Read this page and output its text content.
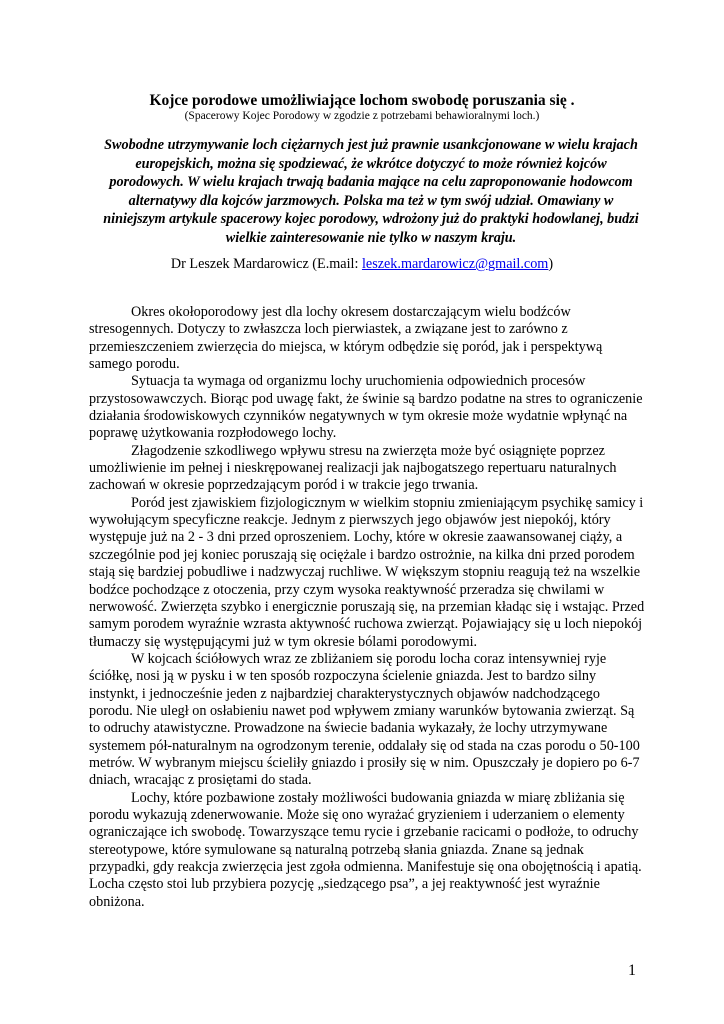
Kojce porodowe umożliwiające lochom swobodę poruszania się .
(Spacerowy Kojec Porodowy w zgodzie z potrzebami behawioralnymi loch.)
Swobodne utrzymywanie loch ciężarnych jest już prawnie usankcjonowane w wielu krajach europejskich, można się spodziewać, że wkrótce dotyczyć to może również kojców porodowych. W wielu krajach trwają badania mające na celu zaproponowanie hodowcom alternatywy dla kojców jarzmowych. Polska ma też w tym swój udział. Omawiany w niniejszym artykule spacerowy kojec porodowy, wdrożony już do praktyki hodowlanej, budzi wielkie zainteresowanie nie tylko w naszym kraju.
Dr Leszek Mardarowicz (E.mail: leszek.mardarowicz@gmail.com)

Okres okołoporodowy jest dla lochy okresem dostarczającym wielu bodźców stresogennych. Dotyczy to zwłaszcza loch pierwiastek, a związane jest to zarówno z przemieszczeniem zwierzęcia do miejsca, w którym odbędzie się poród, jak i perspektywą samego porodu.

Sytuacja ta wymaga od organizmu lochy uruchomienia odpowiednich procesów przystosowawczych. Biorąc pod uwagę fakt, że świnie są bardzo podatne na stres to ograniczenie działania środowiskowych czynników negatywnych w tym okresie może wydatnie wpłynąć na poprawę użytkowania rozpłodowego lochy.

Złagodzenie szkodliwego wpływu stresu na zwierzęta może być osiągnięte poprzez umożliwienie im pełnej i nieskrępowanej realizacji jak najbogatszego repertuaru naturalnych zachowań w okresie poprzedzającym poród i w trakcie jego trwania.

Poród jest zjawiskiem fizjologicznym w wielkim stopniu zmieniającym psychikę samicy i wywołującym specyficzne reakcje. Jednym z pierwszych jego objawów jest niepokój, który występuje już na 2 - 3 dni przed oproszeniem. Lochy, które w okresie zaawansowanej ciąży, a szczególnie pod jej koniec poruszają się ociężale i bardzo ostrożnie, na kilka dni przed porodem stają się bardziej pobudliwe i nadzwyczaj ruchliwe. W większym stopniu reagują też na wszelkie bodźce pochodzące z otoczenia, przy czym wysoka reaktywność przeradza się chwilami w nerwowość. Zwierzęta szybko i energicznie poruszają się, na przemian kładąc się i wstając. Przed samym porodem wyraźnie wzrasta aktywność ruchowa zwierząt. Pojawiający się u loch niepokój tłumaczy się występującymi już w tym okresie bólami porodowymi.

W kojcach ściółowych wraz ze zbliżaniem się porodu locha coraz intensywniej ryje ściółkę, nosi ją w pysku i w ten sposób rozpoczyna ścielenie gniazda. Jest to bardzo silny instynkt, i jednocześnie jeden z najbardziej charakterystycznych objawów nadchodzącego porodu. Nie uległ on osłabieniu nawet pod wpływem zmiany warunków bytowania zwierząt. Są to odruchy atawistyczne. Prowadzone na świecie badania wykazały, że lochy utrzymywane systemem pół-naturalnym na ogrodzonym terenie, oddalały się od stada na czas porodu o 50-100 metrów. W wybranym miejscu ścieliły gniazdo i prosiły się w nim. Opuszczały je dopiero po 6-7 dniach, wracając z prosiętami do stada.

Lochy, które pozbawione zostały możliwości budowania gniazda w miarę zbliżania się porodu wykazują zdenerwowanie. Może się ono wyrażać gryzieniem i uderzaniem o elementy ograniczające ich swobodę. Towarzyszące temu rycie i grzebanie racicami o podłoże, to odruchy stereotypowe, które symulowane są naturalną potrzebą słania gniazda. Znane są jednak przypadki, gdy reakcja zwierzęcia jest zgoła odmienna. Manifestuje się ona obojętnością i apatią. Locha często stoi lub przybiera pozycję „siedzącego psa”, a jej reaktywność jest wyraźnie obniżona.

1
